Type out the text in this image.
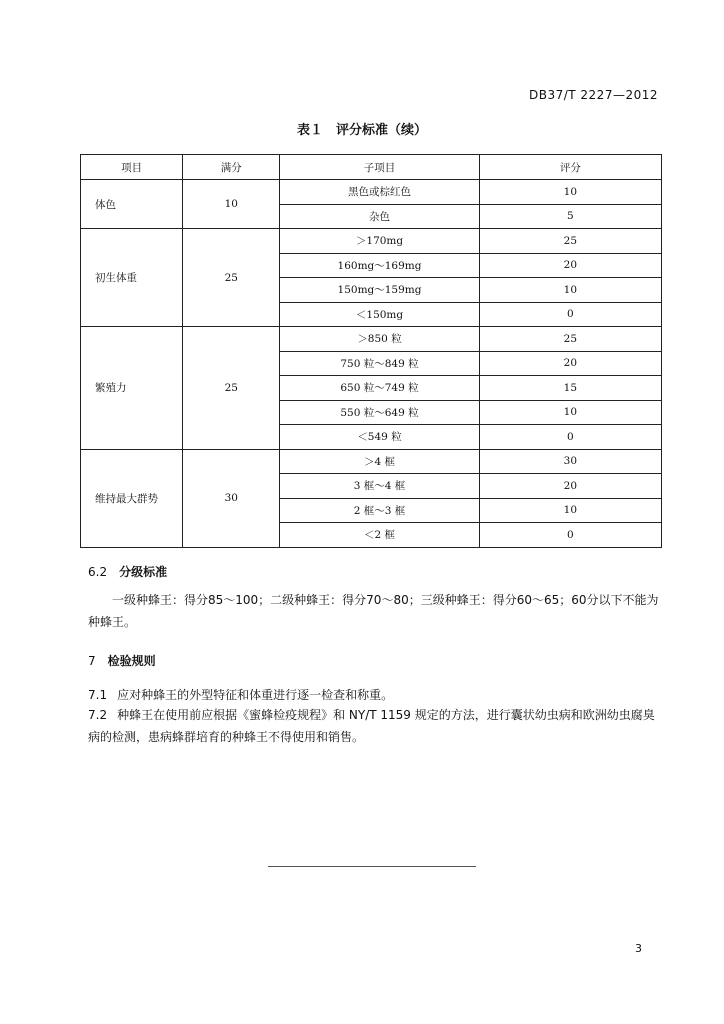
DB37/T 2227—2012
表１　评分标准（续）
项目	满分	子项目	评分
体色	10	黑色或棕红色	10
		杂色	5
初生体重	25	＞170mg	25
		160mg～169mg	20
		150mg～159mg	10
		＜150mg	0
繁殖力	25	＞850 粒	25
		750 粒～849 粒	20
		650 粒～749 粒	15
		550 粒～649 粒	10
		＜549 粒	0
维持最大群势	30	＞4 框	30
		3 框～4 框	20
		2 框～3 框	10
		＜2 框	0
6.2 分级标准
一级种蜂王：得分85～100；二级种蜂王：得分70～80；三级种蜂王：得分60～65；60分以下不能为种蜂王。
7 检验规则
7.1 应对种蜂王的外型特征和体重进行逐一检查和称重。
7.2 种蜂王在使用前应根据《蜜蜂检疫规程》和 NY/T 1159 规定的方法，进行囊状幼虫病和欧洲幼虫腐臭病的检测，患病蜂群培育的种蜂王不得使用和销售。
3
